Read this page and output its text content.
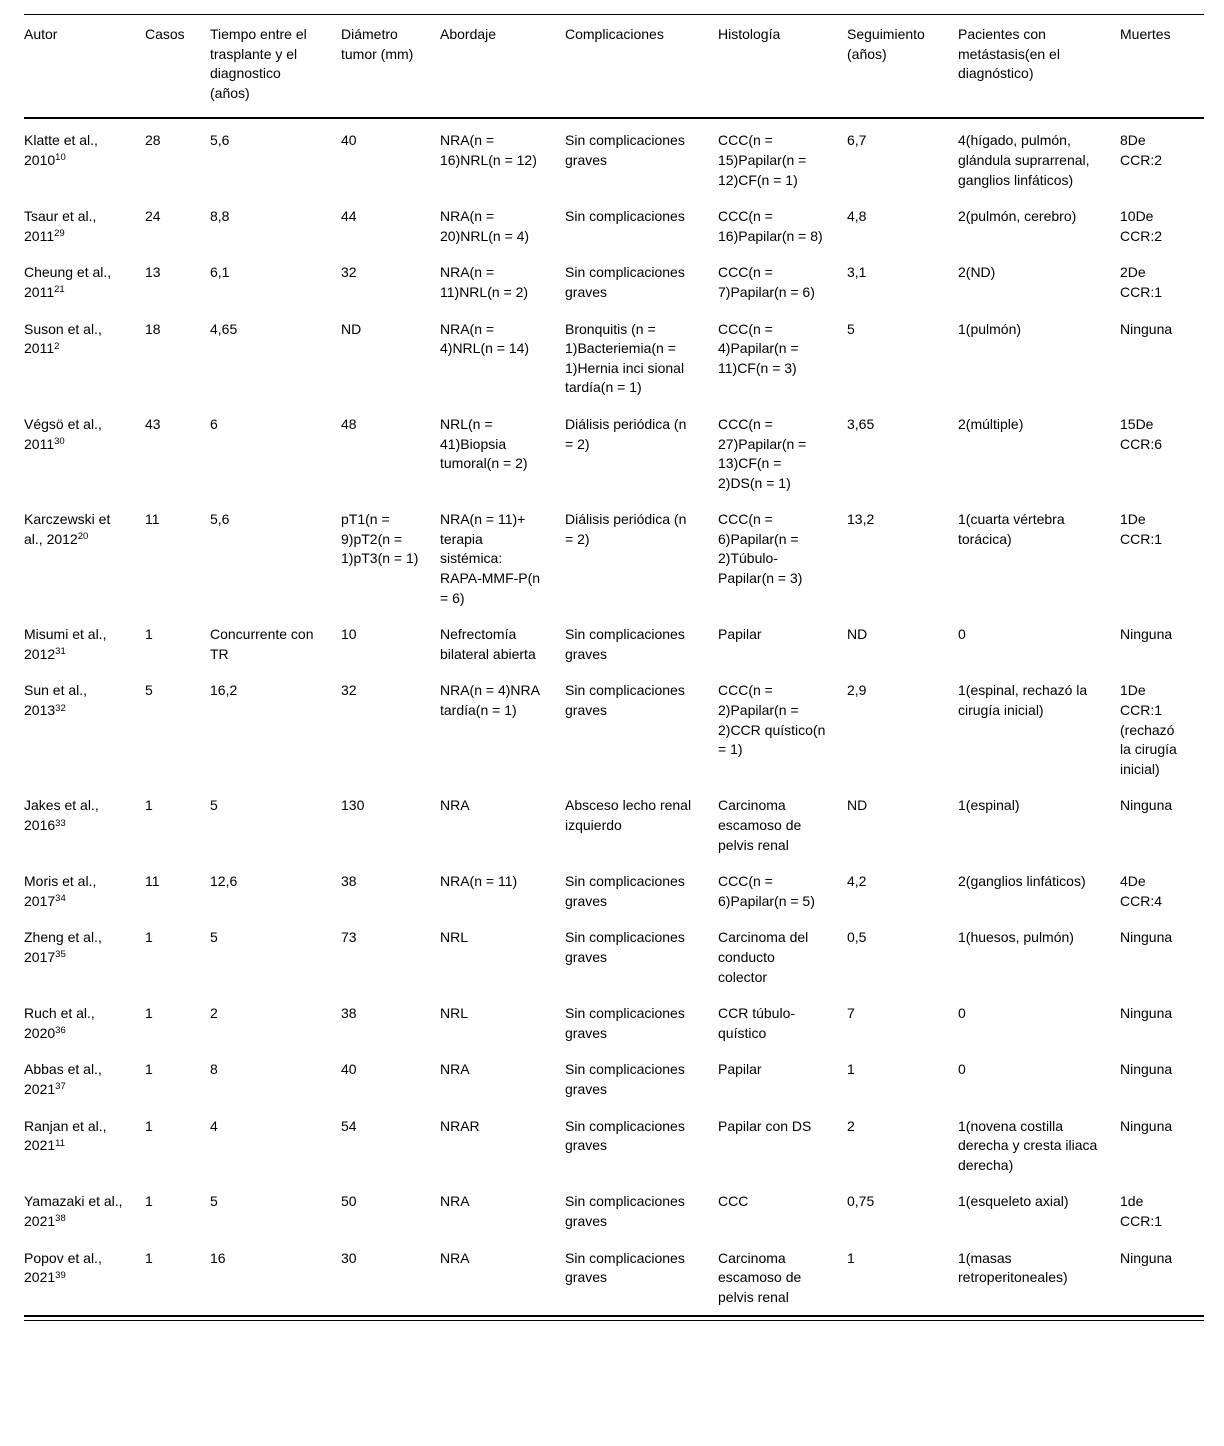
Autor	Casos	Tiempo entre el trasplante y el diagnostico (años)	Diámetro tumor (mm)	Abordaje	Complicaciones	Histología	Seguimiento (años)	Pacientes con metástasis(en el diagnóstico)	Muertes
Klatte et al., 2010$^{10}$	28	5,6	40	NRA(n = 16)NRL(n = 12)	Sin complicaciones graves	CCC(n = 15)Papilar(n = 12)CF(n = 1)	6,7	4(hígado, pulmón, glándula suprarrenal, ganglios linfáticos)	8De CCR:2
Tsaur et al., 2011$^{29}$	24	8,8	44	NRA(n = 20)NRL(n = 4)	Sin complicaciones	CCC(n = 16)Papilar(n = 8)	4,8	2(pulmón, cerebro)	10De CCR:2
Cheung et al., 2011$^{21}$	13	6,1	32	NRA(n = 11)NRL(n = 2)	Sin complicaciones graves	CCC(n = 7)Papilar(n = 6)	3,1	2(ND)	2De CCR:1
Suson et al., 2011$^2$	18	4,65	ND	NRA(n = 4)NRL(n = 14)	Bronquitis (n = 1)Bacteriemia(n = 1)Hernia inci sional tardía(n = 1)	CCC(n = 4)Papilar(n = 11)CF(n = 3)	5	1(pulmón)	Ninguna
Végsö et al., 2011$^{30}$	43	6	48	NRL(n = 41)Biopsia tumoral(n = 2)	Diálisis periódica (n = 2)	CCC(n = 27)Papilar(n = 13)CF(n = 2)DS(n = 1)	3,65	2(múltiple)	15De CCR:6
Karczewski et al., 2012$^{20}$	11	5,6	pT1(n = 9)pT2(n = 1)pT3(n = 1)	NRA(n = 11)+ terapia sistémica: RAPA-MMF-P(n = 6)	Diálisis periódica (n = 2)	CCC(n = 6)Papilar(n = 2)Túbulo-Papilar(n = 3)	13,2	1(cuarta vértebra torácica)	1De CCR:1
Misumi et al., 2012$^{31}$	1	Concurrente con TR	10	Nefrectomía bilateral abierta	Sin complicaciones graves	Papilar	ND	0	Ninguna
Sun et al., 2013$^{32}$	5	16,2	32	NRA(n = 4)NRA tardía(n = 1)	Sin complicaciones graves	CCC(n = 2)Papilar(n = 2)CCR quístico(n = 1)	2,9	1(espinal, rechazó la cirugía inicial)	1De CCR:1 (rechazó la cirugía inicial)
Jakes et al., 2016$^{33}$	1	5	130	NRA	Absceso lecho renal izquierdo	Carcinoma escamoso de pelvis renal	ND	1(espinal)	Ninguna
Moris et al., 2017$^{34}$	11	12,6	38	NRA(n = 11)	Sin complicaciones graves	CCC(n = 6)Papilar(n = 5)	4,2	2(ganglios linfáticos)	4De CCR:4
Zheng et al., 2017$^{35}$	1	5	73	NRL	Sin complicaciones graves	Carcinoma del conducto colector	0,5	1(huesos, pulmón)	Ninguna
Ruch et al., 2020$^{36}$	1	2	38	NRL	Sin complicaciones graves	CCR túbulo-quístico	7	0	Ninguna
Abbas et al., 2021$^{37}$	1	8	40	NRA	Sin complicaciones graves	Papilar	1	0	Ninguna
Ranjan et al., 2021$^{11}$	1	4	54	NRAR	Sin complicaciones graves	Papilar con DS	2	1(novena costilla derecha y cresta iliaca derecha)	Ninguna
Yamazaki et al., 2021$^{38}$	1	5	50	NRA	Sin complicaciones graves	CCC	0,75	1(esqueleto axial)	1de CCR:1
Popov et al., 2021$^{39}$	1	16	30	NRA	Sin complicaciones graves	Carcinoma escamoso de pelvis renal	1	1(masas retroperitoneales)	Ninguna
